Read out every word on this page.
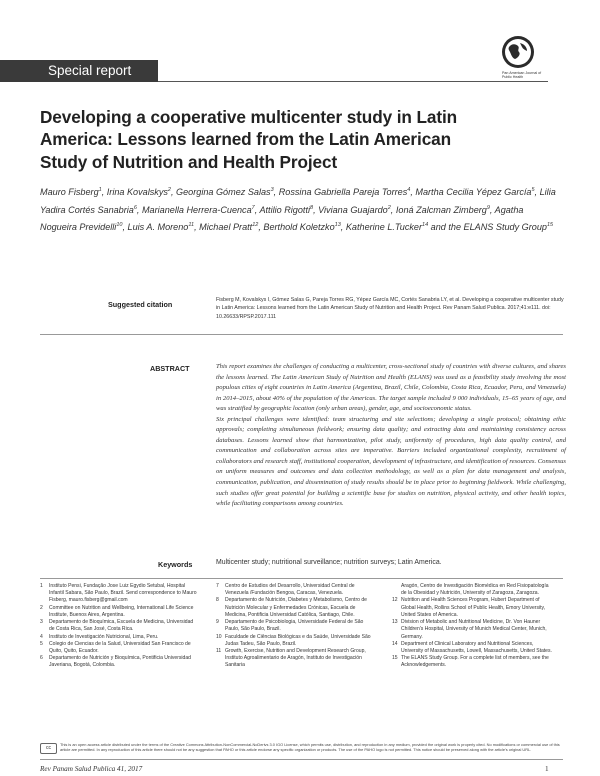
Special report	Pan American Journal of Public Health
Developing a cooperative multicenter study in Latin America: Lessons learned from the Latin American Study of Nutrition and Health Project
Mauro Fisberg$^1$, Irina Kovalskys$^2$, Georgina Gómez Salas$^3$, Rossina Gabriella Pareja Torres$^4$, Martha Cecilia Yépez García$^5$, Lilia Yadira Cortés Sanabria$^6$, Marianella Herrera-Cuenca$^7$, Attilio Rigotti$^8$, Viviana Guajardo$^2$, Ioná Zalcman Zimberg$^9$, Agatha Nogueira Previdelli$^{10}$, Luis A. Moreno$^{11}$, Michael Pratt$^{12}$, Berthold Koletzko$^{13}$, Katherine L.Tucker$^{14}$ and the ELANS Study Group$^{15}$
Suggested citation	Fisberg M, Kovalskys I, Gómez Salas G, Pareja Torres RG, Yépez García MC, Cortés Sanabria LY, et al. Developing a cooperative multicenter study in Latin America: Lessons learned from the Latin American Study of Nutrition and Health Project. Rev Panam Salud Publica. 2017;41:e111. doi: 10.26633/RPSP.2017.111
ABSTRACT	This report examines the challenges of conducting a multicenter, cross-sectional study of countries with diverse cultures, and shares the lessons learned. The Latin American Study of Nutrition and Health (ELANS) was used as a feasibility study involving the most populous cities of eight countries in Latin America (Argentina, Brazil, Chile, Colombia, Costa Rica, Ecuador, Peru, and Venezuela) in 2014–2015, about 40% of the population of the Americas. The target sample included 9 000 individuals, 15–65 years of age, and was stratified by geographic location (only urban areas), gender, age, and socioeconomic status.

Six principal challenges were identified: team structuring and site selections; developing a single protocol; obtaining ethic approvals; completing simultaneous fieldwork; ensuring data quality; and extracting data and maintaining consistency across databases. Lessons learned show that harmonization, pilot study, uniformity of procedures, high data quality control, and communication and collaboration across sites are imperative. Barriers included organizational complexity, recruitment of collaborators and research staff, institutional cooperation, development of infrastructure, and identification of resources. Consensus on uniform measures and outcomes and data collection methodology, as well as a plan for data management and analysis, communication, publication, and dissemination of study results should be in place prior to beginning fieldwork. While challenging, such studies offer great potential for building a scientific base for studies on nutrition, physical activity, and other health topics, while facilitating comparisons among countries.

Keywords	Multicenter study; nutritional surveillance; nutrition surveys; Latin America.
1 Instituto Pensi, Fundação Jose Luiz Egydio Setubal, Hospital Infantil Sabara, São Paulo, Brazil. Send correspondence to Mauro Fisberg, mauro.fisberg@gmail.com
2 Committee on Nutrition and Wellbeing, International Life Science Institute, Buenos Aires, Argentina.
3 Departamento de Bioquímica, Escuela de Medicina, Universidad de Costa Rica, San José, Costa Rica.
4 Instituto de Investigación Nutricional, Lima, Peru.
5 Colegio de Ciencias de la Salud, Universidad San Francisco de Quito, Quito, Ecuador.
6 Departamento de Nutrición y Bioquímica, Pontificia Universidad Javeriana, Bogotá, Colombia.
7 Centro de Estudios del Desarrollo, Universidad Central de Venezuela /Fundación Bengoa, Caracas, Venezuela.
8 Departamento de Nutrición, Diabetes y Metabolismo, Centro de Nutrición Molecular y Enfermedades Crónicas, Escuela de Medicina, Pontificia Universidad Católica, Santiago, Chile.
9 Departamento de Psicobiologia, Universidade Federal de São Paulo, São Paulo, Brazil.
10 Faculdade de Ciências Biológicas e da Saúde, Universidade São Judas Tadeu, São Paulo, Brazil.
11 Growth, Exercise, Nutrition and Development Research Group, Instituto Agroalimentario de Aragón, Instituto de Investigación Sanitaria
Aragón, Centro de Investigación Biomédica en Red Fisiopatología de la Obesidad y Nutrición, University of Zaragoza, Zaragoza.
12 Nutrition and Health Sciences Program, Hubert Department of Global Health, Rollins School of Public Health, Emory University, United States of America.
13 Division of Metabolic and Nutritional Medicine, Dr. Von Hauner Children's Hospital, University of Munich Medical Center, Munich, Germany.
14 Department of Clinical Laboratory and Nutritional Sciences, University of Massachusetts, Lowell, Massachusetts, United States.
15 The ELANS Study Group. For a complete list of members, see the Acknowledgements.
cc
This is an open access article distributed under the terms of the Creative Commons Attribution-NonCommercial-NoDerivs 3.0 IGO License, which permits use, distribution, and reproduction in any medium, provided the original work is properly cited. No modifications or commercial use of this article are permitted. In any reproduction of this article there should not be any suggestion that PAHO or this article endorse any specific organization or products. The use of the PAHO logo is not permitted. This notice should be preserved along with the article's original URL.
Rev Panam Salud Publica 41, 2017	1
